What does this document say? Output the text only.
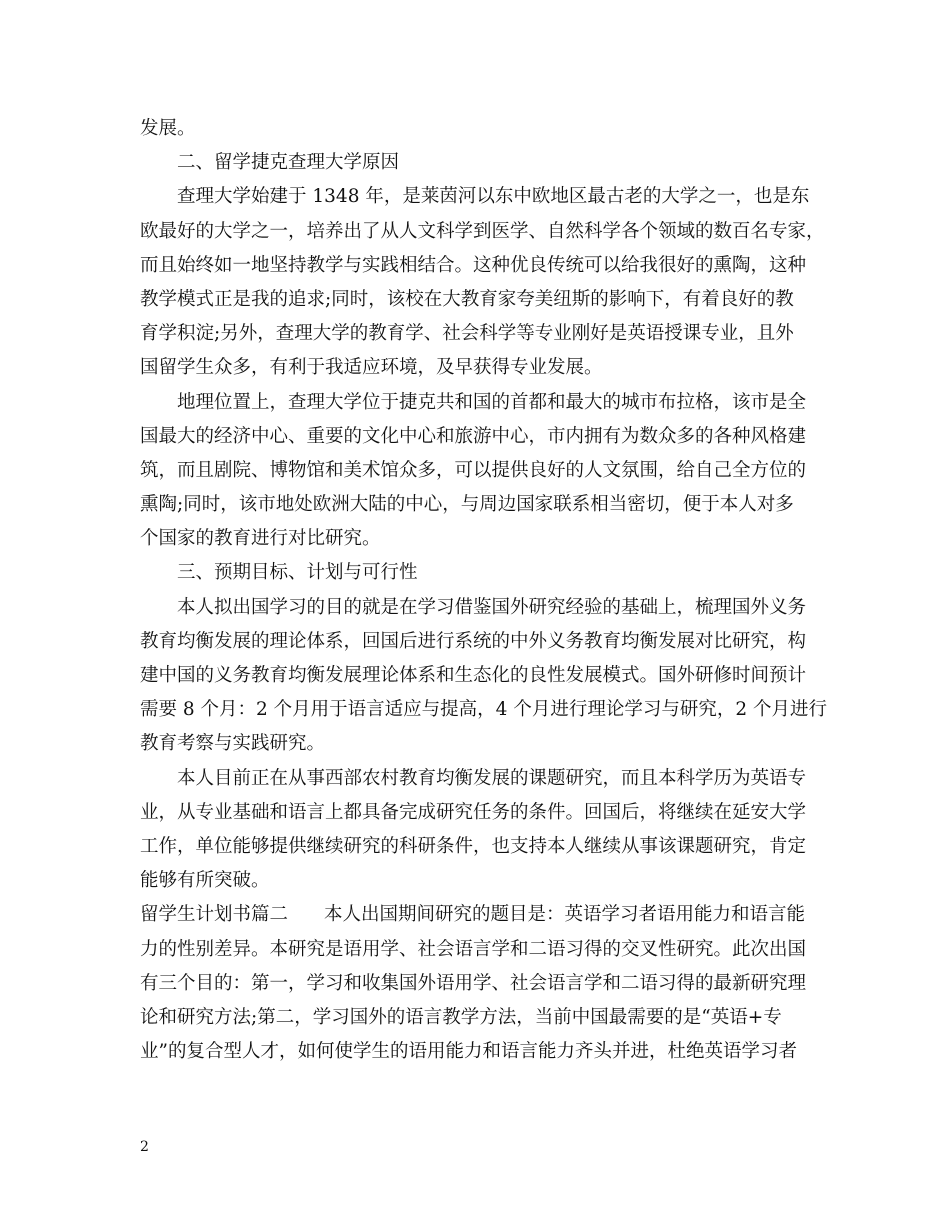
发展。
二、留学捷克查理大学原因
查理大学始建于 1348 年，是莱茵河以东中欧地区最古老的大学之一，也是东
欧最好的大学之一，培养出了从人文科学到医学、自然科学各个领域的数百名专家，
而且始终如一地坚持教学与实践相结合。这种优良传统可以给我很好的熏陶，这种
教学模式正是我的追求;同时，该校在大教育家夸美纽斯的影响下，有着良好的教
育学积淀;另外，查理大学的教育学、社会科学等专业刚好是英语授课专业，且外
国留学生众多，有利于我适应环境，及早获得专业发展。
地理位置上，查理大学位于捷克共和国的首都和最大的城市布拉格，该市是全
国最大的经济中心、重要的文化中心和旅游中心，市内拥有为数众多的各种风格建
筑，而且剧院、博物馆和美术馆众多，可以提供良好的人文氛围，给自己全方位的
熏陶;同时，该市地处欧洲大陆的中心，与周边国家联系相当密切，便于本人对多
个国家的教育进行对比研究。
三、预期目标、计划与可行性
本人拟出国学习的目的就是在学习借鉴国外研究经验的基础上，梳理国外义务
教育均衡发展的理论体系，回国后进行系统的中外义务教育均衡发展对比研究，构
建中国的义务教育均衡发展理论体系和生态化的良性发展模式。国外研修时间预计
需要 8 个月：2 个月用于语言适应与提高，4 个月进行理论学习与研究，2 个月进行
教育考察与实践研究。
本人目前正在从事西部农村教育均衡发展的课题研究，而且本科学历为英语专
业，从专业基础和语言上都具备完成研究任务的条件。回国后，将继续在延安大学
工作，单位能够提供继续研究的科研条件，也支持本人继续从事该课题研究，肯定
能够有所突破。
留学生计划书篇二 本人出国期间研究的题目是：英语学习者语用能力和语言能
力的性别差异。本研究是语用学、社会语言学和二语习得的交叉性研究。此次出国
有三个目的：第一，学习和收集国外语用学、社会语言学和二语习得的最新研究理
论和研究方法;第二，学习国外的语言教学方法，当前中国最需要的是“英语+专
业”的复合型人才，如何使学生的语用能力和语言能力齐头并进，杜绝英语学习者
2
